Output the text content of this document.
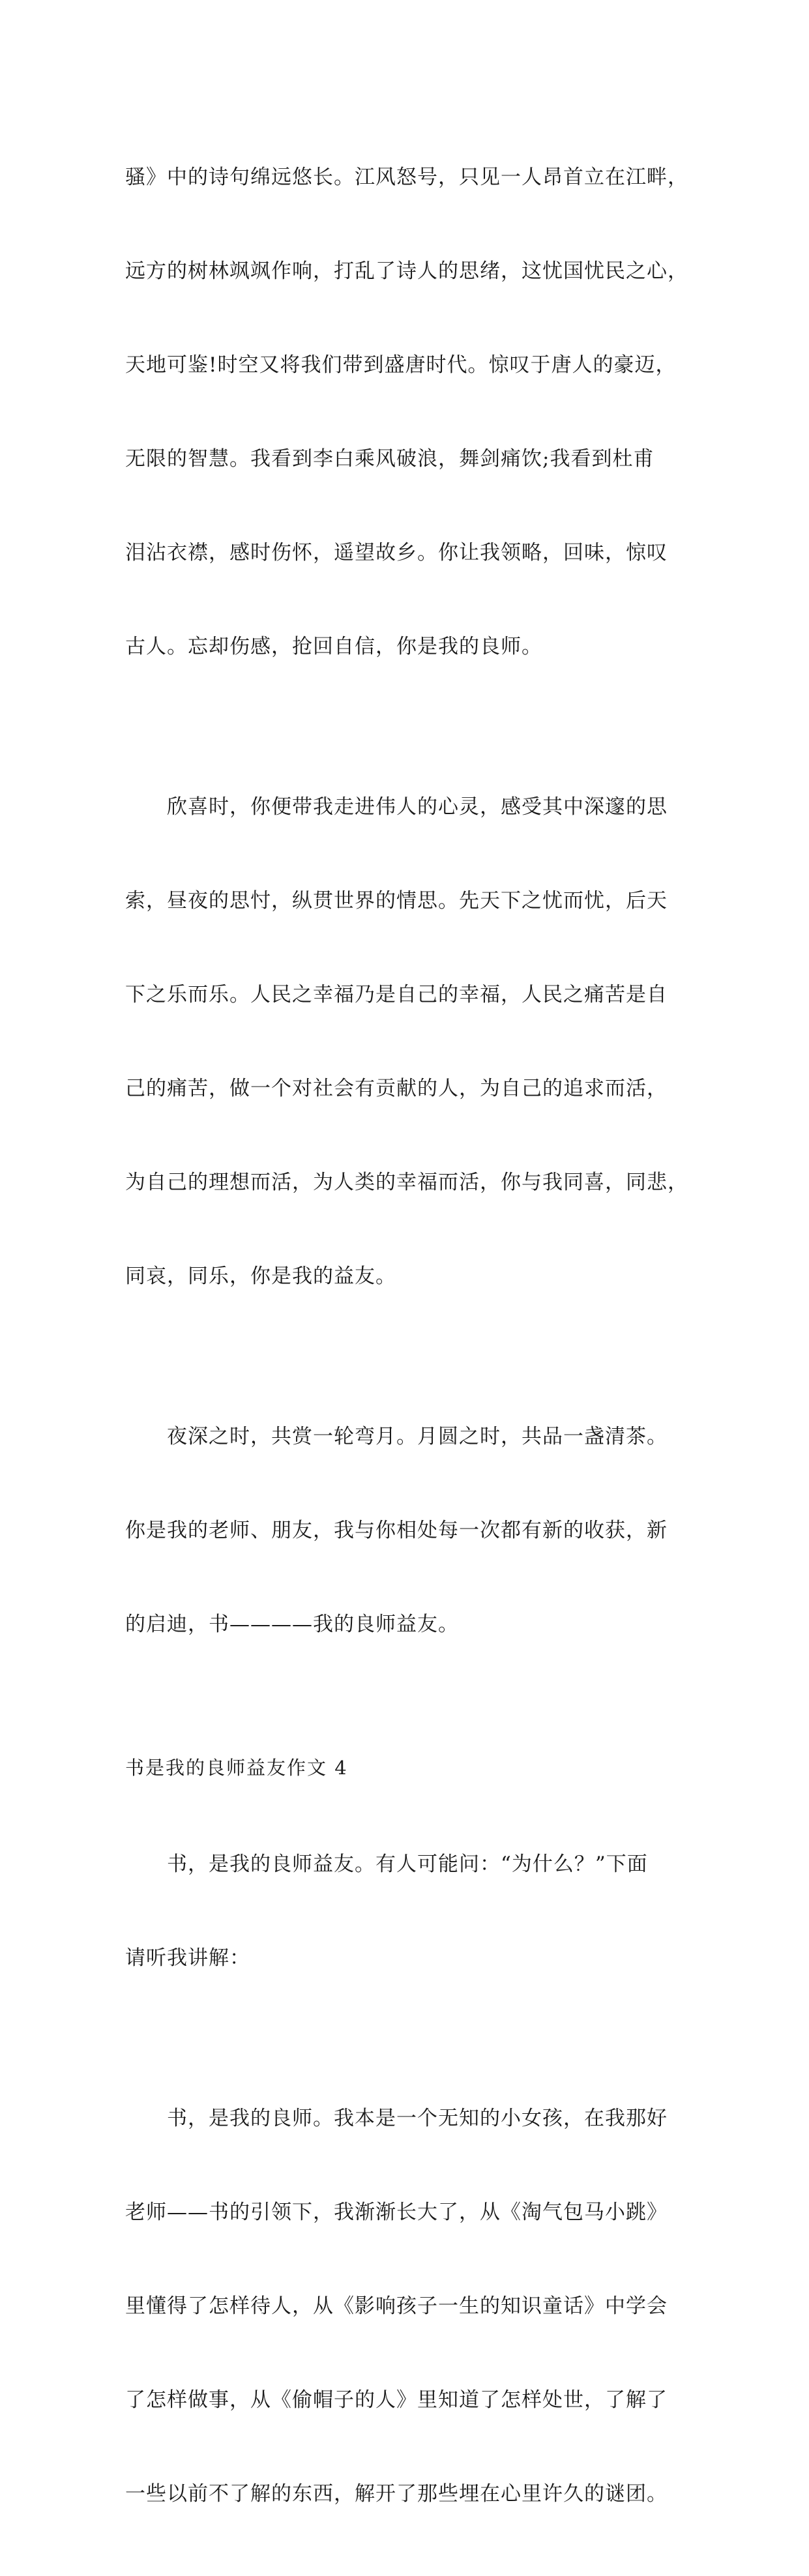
骚》中的诗句绵远悠长。江风怒号，只见一人昂首立在江畔，

远方的树林飒飒作响，打乱了诗人的思绪，这忧国忧民之心，

天地可鉴!时空又将我们带到盛唐时代。惊叹于唐人的豪迈，

无限的智慧。我看到李白乘风破浪，舞剑痛饮;我看到杜甫

泪沾衣襟，感时伤怀，遥望故乡。你让我领略，回味，惊叹

古人。忘却伤感，抢回自信，你是我的良师。

欣喜时，你便带我走进伟人的心灵，感受其中深邃的思

索，昼夜的思忖，纵贯世界的情思。先天下之忧而忧，后天

下之乐而乐。人民之幸福乃是自己的幸福，人民之痛苦是自

己的痛苦，做一个对社会有贡献的人，为自己的追求而活，

为自己的理想而活，为人类的幸福而活，你与我同喜，同悲，

同哀，同乐，你是我的益友。

夜深之时，共赏一轮弯月。月圆之时，共品一盏清茶。

你是我的老师、朋友，我与你相处每一次都有新的收获，新

的启迪，书————我的良师益友。

书是我的良师益友作文 4

书，是我的良师益友。有人可能问：“为什么？”下面

请听我讲解：

书，是我的良师。我本是一个无知的小女孩，在我那好

老师——书的引领下，我渐渐长大了，从《淘气包马小跳》

里懂得了怎样待人，从《影响孩子一生的知识童话》中学会

了怎样做事，从《偷帽子的人》里知道了怎样处世，了解了

一些以前不了解的东西，解开了那些埋在心里许久的谜团。
